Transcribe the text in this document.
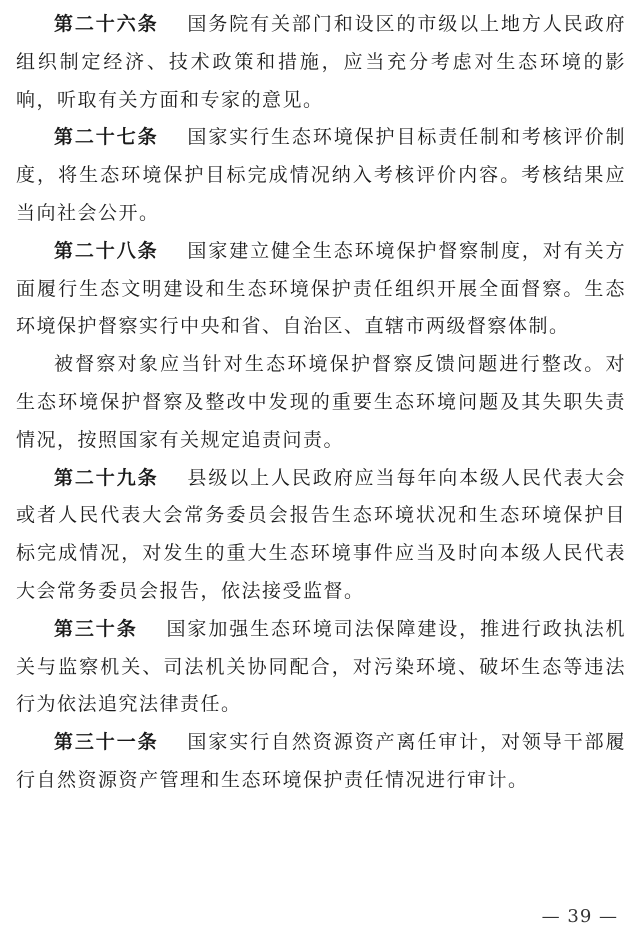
第二十六条 国务院有关部门和设区的市级以上地方人民政府组织制定经济、技术政策和措施，应当充分考虑对生态环境的影响，听取有关方面和专家的意见。

第二十七条 国家实行生态环境保护目标责任制和考核评价制度，将生态环境保护目标完成情况纳入考核评价内容。考核结果应当向社会公开。

第二十八条 国家建立健全生态环境保护督察制度，对有关方面履行生态文明建设和生态环境保护责任组织开展全面督察。生态环境保护督察实行中央和省、自治区、直辖市两级督察体制。

被督察对象应当针对生态环境保护督察反馈问题进行整改。对生态环境保护督察及整改中发现的重要生态环境问题及其失职失责情况，按照国家有关规定追责问责。

第二十九条 县级以上人民政府应当每年向本级人民代表大会或者人民代表大会常务委员会报告生态环境状况和生态环境保护目标完成情况，对发生的重大生态环境事件应当及时向本级人民代表大会常务委员会报告，依法接受监督。

第三十条 国家加强生态环境司法保障建设，推进行政执法机关与监察机关、司法机关协同配合，对污染环境、破坏生态等违法行为依法追究法律责任。

第三十一条 国家实行自然资源资产离任审计，对领导干部履行自然资源资产管理和生态环境保护责任情况进行审计。

— 39 —
